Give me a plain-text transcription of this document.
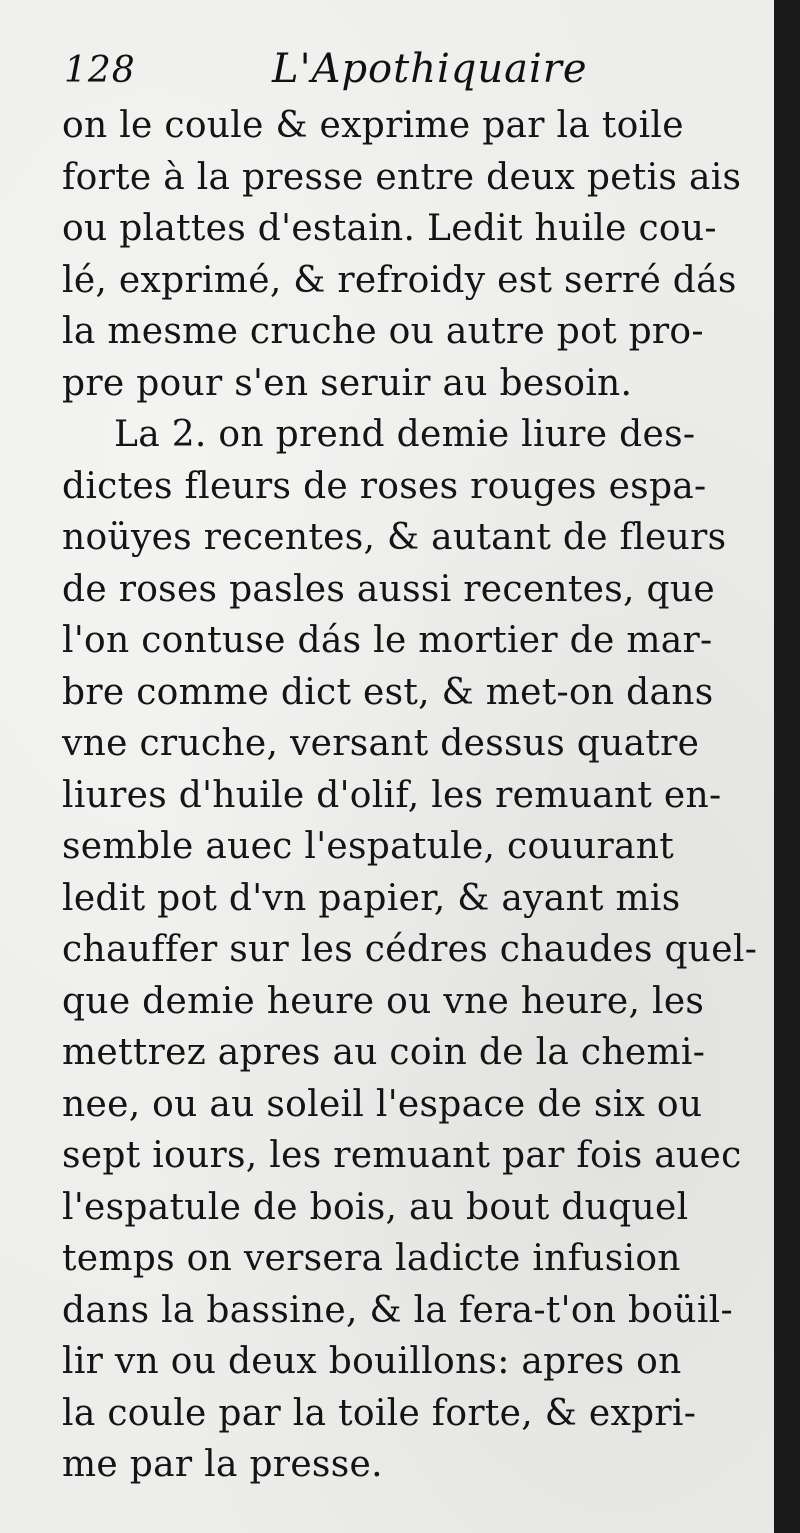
128	L'Apothiquaire
on le coule & exprime par la toile
forte à la presse entre deux petis ais
ou plattes d'estain. Ledit huile cou-
lé, exprimé, & refroidy est serré dás
la mesme cruche ou autre pot pro-
pre pour s'en seruir au besoin.
La 2. on prend demie liure des-
dictes fleurs de roses rouges espa-
noüyes recentes, & autant de fleurs
de roses pasles aussi recentes, que
l'on contuse dás le mortier de mar-
bre comme dict est, & met-on dans
vne cruche, versant dessus quatre
liures d'huile d'olif, les remuant en-
semble auec l'espatule, couurant
ledit pot d'vn papier, & ayant mis
chauffer sur les cédres chaudes quel-
que demie heure ou vne heure, les
mettrez apres au coin de la chemi-
nee, ou au soleil l'espace de six ou
sept iours, les remuant par fois auec
l'espatule de bois, au bout duquel
temps on versera ladicte infusion
dans la bassine, & la fera-t'on boüil-
lir vn ou deux bouillons: apres on
la coule par la toile forte, & expri-
me par la presse.
